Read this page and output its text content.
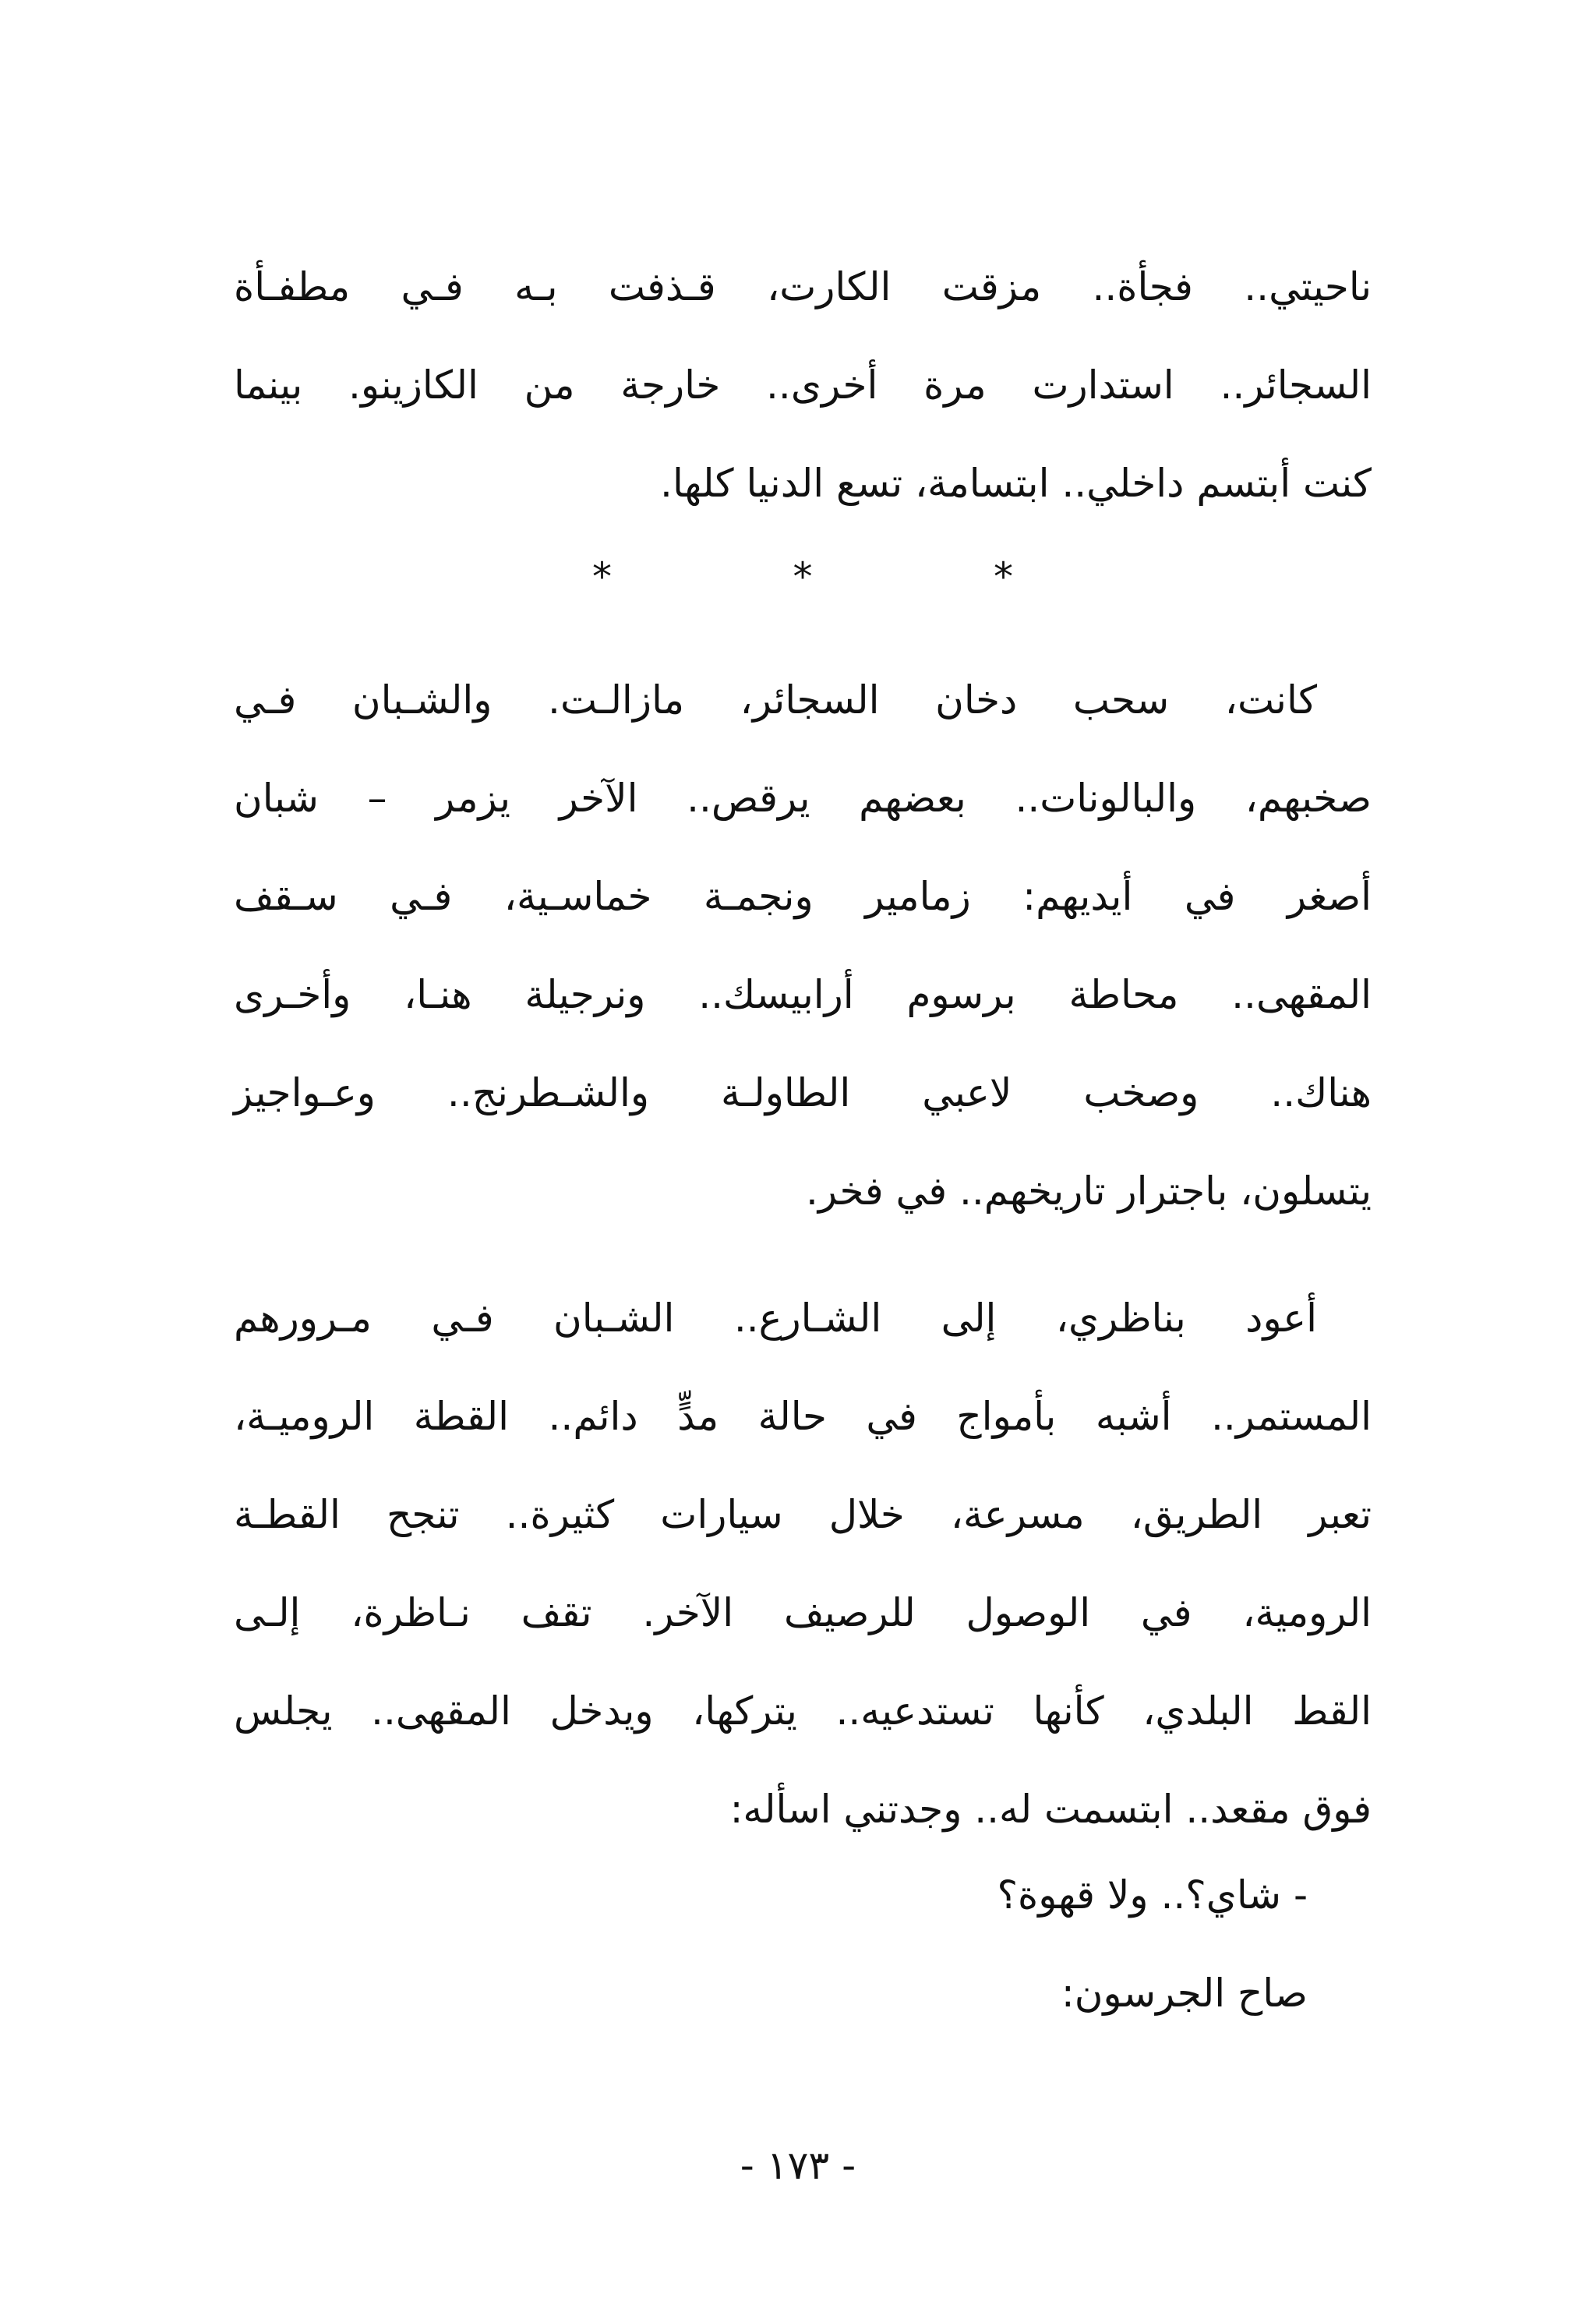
ناحيتي.. فجأة.. مزقت الكارت، قـذفت بـه فـي مطفـأة
السجائر.. استدارت مرة أخرى.. خارجة من الكازينو. بينما
كنت أبتسم داخلي.. ابتسامة، تسع الدنيا كلها.
*	*	*
كانت، سحب دخان السجائر، مازالـت. والشـبان فـي
صخبهم، والبالونات.. بعضهم يرقص.. الآخر يزمر – شبان
أصغر في أيديهم: زمامير ونجمـة خماسـية، فـي سـقف
المقهى.. محاطة برسوم أرابيسك.. ونرجيلة هنـا، وأخـرى
هناك.. وصخب لاعبي الطاولـة والشـطرنج.. وعـواجيز
يتسلون، باجترار تاريخهم.. في فخر.
أعود بناظري، إلى الشـارع.. الشـبان فـي مـرورهم
المستمر.. أشبه بأمواج في حالة مدٍّ دائم.. القطة الروميـة،
تعبر الطريق، مسرعة، خلال سيارات كثيرة.. تنجح القطـة
الرومية، في الوصول للرصيف الآخر. تقف نـاظرة، إلـى
القط البلدي، كأنها تستدعيه.. يتركها، ويدخل المقهى.. يجلس
فوق مقعد.. ابتسمت له.. وجدتني اسأله:
- شاي؟.. ولا قهوة؟
صاح الجرسون:
- ١٧٣ -
